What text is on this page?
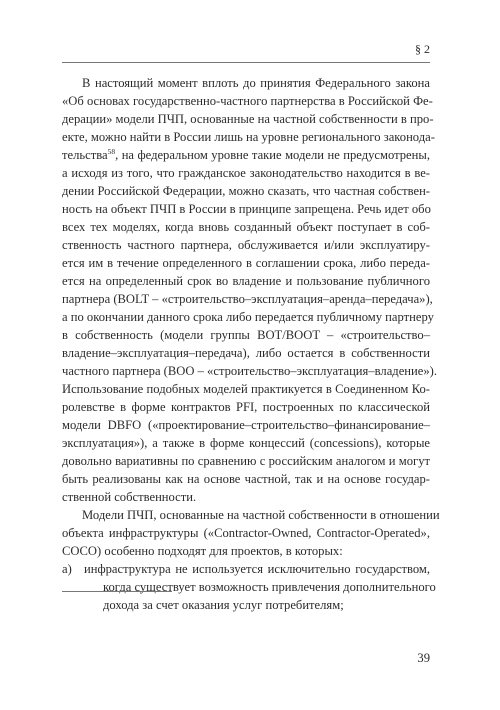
§ 2
В настоящий момент вплоть до принятия Федерального закона
«Об основах государственно-частного партнерства в Российской Фе-
дерации» модели ПЧП, основанные на частной собственности в про-
екте, можно найти в России лишь на уровне регионального законода-
тельства$^{58}$, на федеральном уровне такие модели не предусмотрены,
а исходя из того, что гражданское законодательство находится в ве-
дении Российской Федерации, можно сказать, что частная собствен-
ность на объект ПЧП в России в принципе запрещена. Речь идет обо
всех тех моделях, когда вновь созданный объект поступает в соб-
ственность частного партнера, обслуживается и/или эксплуатиру-
ется им в течение определенного в соглашении срока, либо переда-
ется на определенный срок во владение и пользование публичного
партнера (BOLT – «строительство–эксплуатация–аренда–передача»),
а по окончании данного срока либо передается публичному партнеру
в собственность (модели группы BOT/BOOT – «строительство–
владение–эксплуатация–передача), либо остается в собственности
частного партнера (BOO – «строительство–эксплуатация–владение»).
Использование подобных моделей практикуется в Соединенном Ко-
ролевстве в форме контрактов PFI, построенных по классической
модели DBFO («проектирование–строительство–финансирование–
эксплуатация»), а также в форме концессий (concessions), которые
довольно вариативны по сравнению с российским аналогом и могут
быть реализованы как на основе частной, так и на основе государ-
ственной собственности.
Модели ПЧП, основанные на частной собственности в отношении
объекта инфраструктуры («Contractor-Owned, Contractor-Operated»,
COCO) особенно подходят для проектов, в которых:
a) инфраструктура не используется исключительно государством,
когда существует возможность привлечения дополнительного
дохода за счет оказания услуг потребителям;
39
